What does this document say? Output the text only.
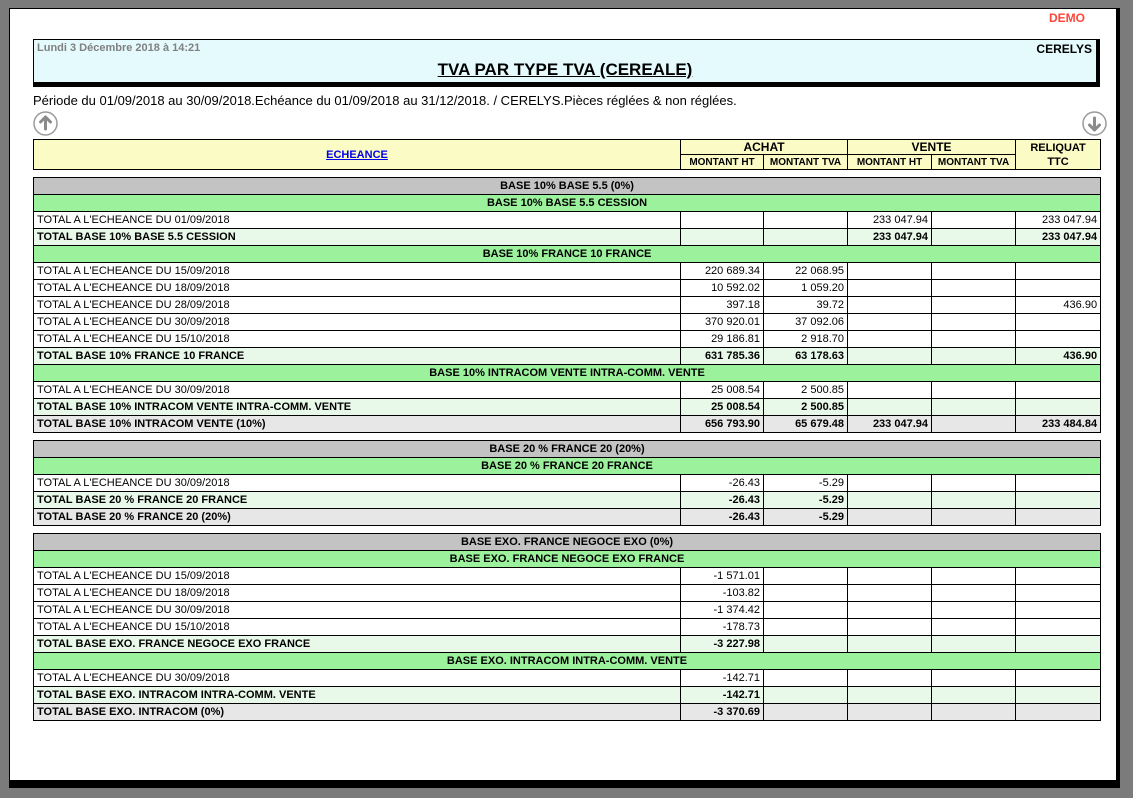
DEMO
Lundi 3 Décembre 2018 à 14:21	CERELYS
TVA PAR TYPE TVA (CEREALE)
Période du 01/09/2018 au 30/09/2018.Echéance du 01/09/2018 au 31/12/2018. / CERELYS.Pièces réglées & non réglées.
ECHEANCE	ACHAT		VENTE		RELIQUAT
TTC
	MONTANT HT	MONTANT TVA	MONTANT HT	MONTANT TVA	
BASE 10% BASE 5.5 (0%)					
BASE 10% BASE 5.5 CESSION					
TOTAL A L'ECHEANCE DU 01/09/2018			233 047.94		233 047.94
TOTAL BASE 10% BASE 5.5 CESSION			233 047.94		233 047.94
BASE 10% FRANCE 10 FRANCE					
TOTAL A L'ECHEANCE DU 15/09/2018	220 689.34	22 068.95			
TOTAL A L'ECHEANCE DU 18/09/2018	10 592.02	1 059.20			
TOTAL A L'ECHEANCE DU 28/09/2018	397.18	39.72			436.90
TOTAL A L'ECHEANCE DU 30/09/2018	370 920.01	37 092.06			
TOTAL A L'ECHEANCE DU 15/10/2018	29 186.81	2 918.70			
TOTAL BASE 10% FRANCE 10 FRANCE	631 785.36	63 178.63			436.90
BASE 10% INTRACOM VENTE INTRA-COMM. VENTE					
TOTAL A L'ECHEANCE DU 30/09/2018	25 008.54	2 500.85			
TOTAL BASE 10% INTRACOM VENTE INTRA-COMM. VENTE	25 008.54	2 500.85			
TOTAL BASE 10% INTRACOM VENTE (10%)	656 793.90	65 679.48	233 047.94		233 484.84
BASE 20 % FRANCE 20 (20%)					
BASE 20 % FRANCE 20 FRANCE					
TOTAL A L'ECHEANCE DU 30/09/2018	-26.43	-5.29			
TOTAL BASE 20 % FRANCE 20 FRANCE	-26.43	-5.29			
TOTAL BASE 20 % FRANCE 20 (20%)	-26.43	-5.29			
BASE EXO. FRANCE NEGOCE EXO (0%)					
BASE EXO. FRANCE NEGOCE EXO FRANCE					
TOTAL A L'ECHEANCE DU 15/09/2018	-1 571.01				
TOTAL A L'ECHEANCE DU 18/09/2018	-103.82				
TOTAL A L'ECHEANCE DU 30/09/2018	-1 374.42				
TOTAL A L'ECHEANCE DU 15/10/2018	-178.73				
TOTAL BASE EXO. FRANCE NEGOCE EXO FRANCE	-3 227.98				
BASE EXO. INTRACOM INTRA-COMM. VENTE					
TOTAL A L'ECHEANCE DU 30/09/2018	-142.71				
TOTAL BASE EXO. INTRACOM INTRA-COMM. VENTE	-142.71				
TOTAL BASE EXO. INTRACOM (0%)	-3 370.69				
